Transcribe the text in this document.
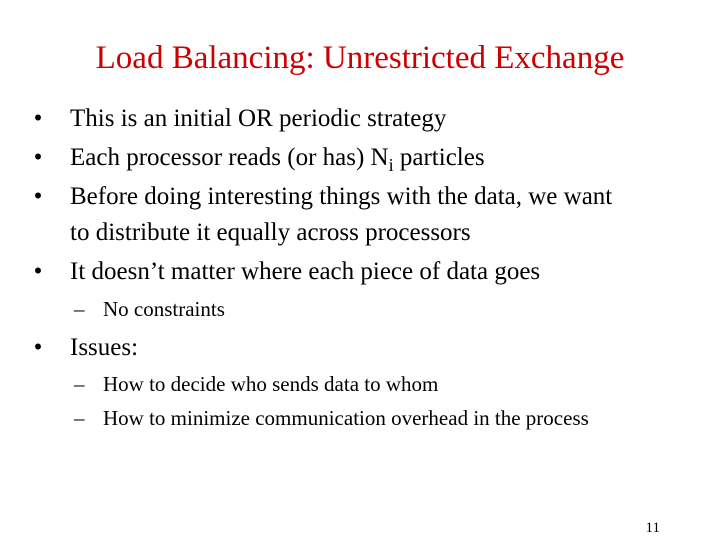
Load Balancing: Unrestricted Exchange
• This is an initial OR periodic strategy
• Each processor reads (or has) $N_i$ particles
• Before doing interesting things with the data, we want
to distribute it equally across processors
• It doesn’t matter where each piece of data goes
– No constraints
• Issues:
– How to decide who sends data to whom
– How to minimize communication overhead in the process
11
